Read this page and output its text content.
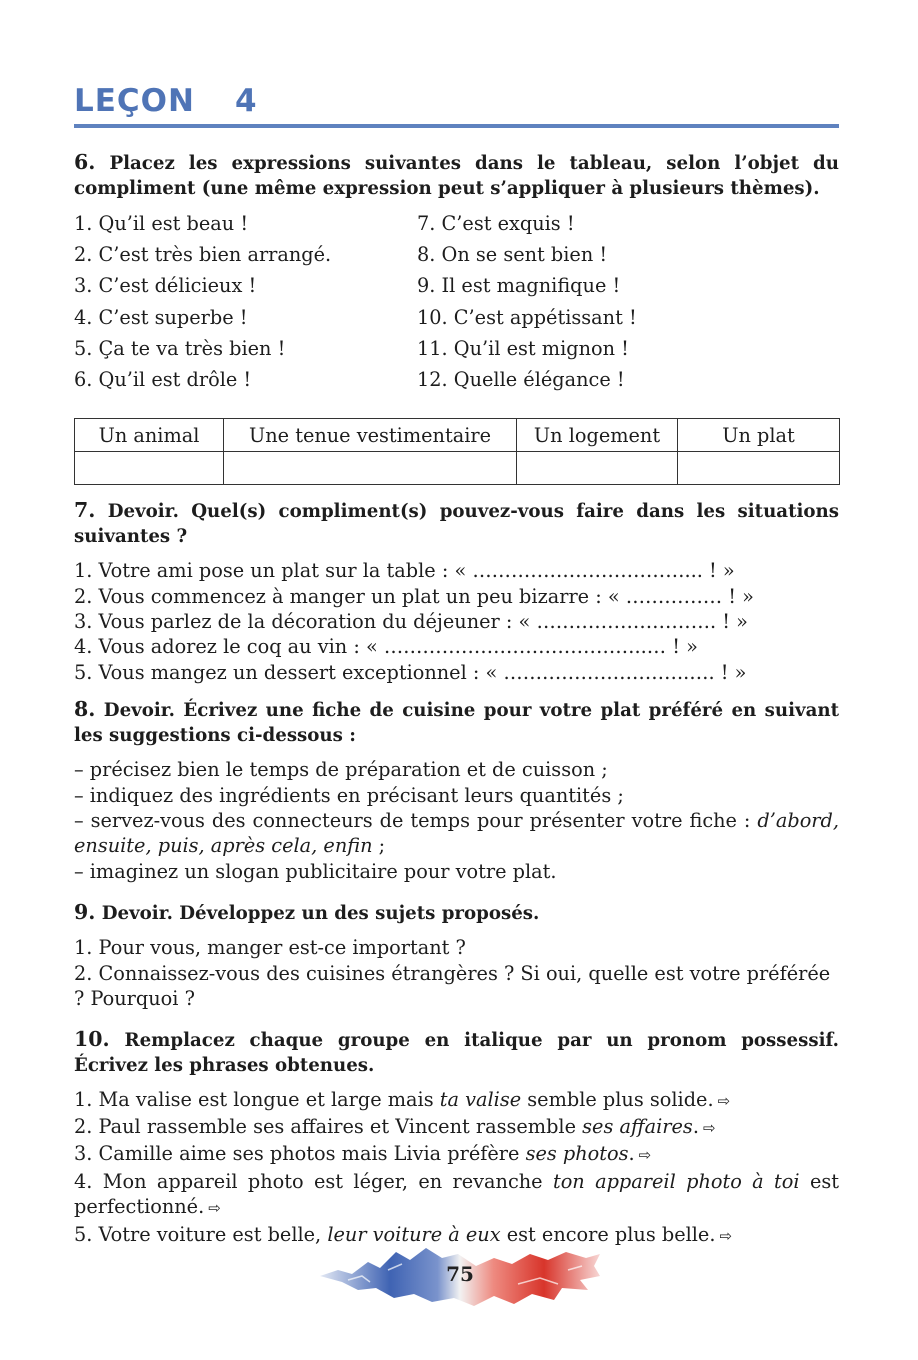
LEÇON 4
6. Placez les expressions suivantes dans le tableau, selon l’objet du compliment (une même expression peut s’appliquer à plusieurs thèmes).
1. Qu’il est beau !
2. C’est très bien arrangé.
3. C’est délicieux !
4. C’est superbe !
5. Ça te va très bien !
6. Qu’il est drôle !
7. C’est exquis !
8. On se sent bien !
9. Il est magnifique !
10. C’est appétissant !
11. Qu’il est mignon !
12. Quelle élégance !
Un animal	Une tenue vestimentaire	Un logement	Un plat

7. Devoir. Quel(s) compliment(s) pouvez-vous faire dans les situations suivantes ?
1. Votre ami pose un plat sur la table : « ……………………………... ! »
2. Vous commencez à manger un plat un peu bizarre : « …………… ! »
3. Vous parlez de la décoration du déjeuner : « ………………………. ! »
4. Vous adorez le coq au vin : « …………………………………..… ! »
5. Vous mangez un dessert exceptionnel : « ………………………..…. ! »
8. Devoir. Écrivez une fiche de cuisine pour votre plat préféré en suivant les suggestions ci-dessous :

– précisez bien le temps de préparation et de cuisson ;

– indiquez des ingrédients en précisant leurs quantités ;

– servez-vous des connecteurs de temps pour présenter votre fiche : d’abord, ensuite, puis, après cela, enfin ;

– imaginez un slogan publicitaire pour votre plat.

9. Devoir. Développez un des sujets proposés.

1. Pour vous, manger est-ce important ?

2. Connaissez-vous des cuisines étrangères ? Si oui, quelle est votre préférée ? Pourquoi ?

10. Remplacez chaque groupe en italique par un pronom possessif. Écrivez les phrases obtenues.

1. Ma valise est longue et large mais ta valise semble plus solide. ⇨

2. Paul rassemble ses affaires et Vincent rassemble ses affaires. ⇨

3. Camille aime ses photos mais Livia préfère ses photos. ⇨

4. Mon appareil photo est léger, en revanche ton appareil photo à toi est perfectionné. ⇨

5. Votre voiture est belle, leur voiture à eux est encore plus belle. ⇨

75
